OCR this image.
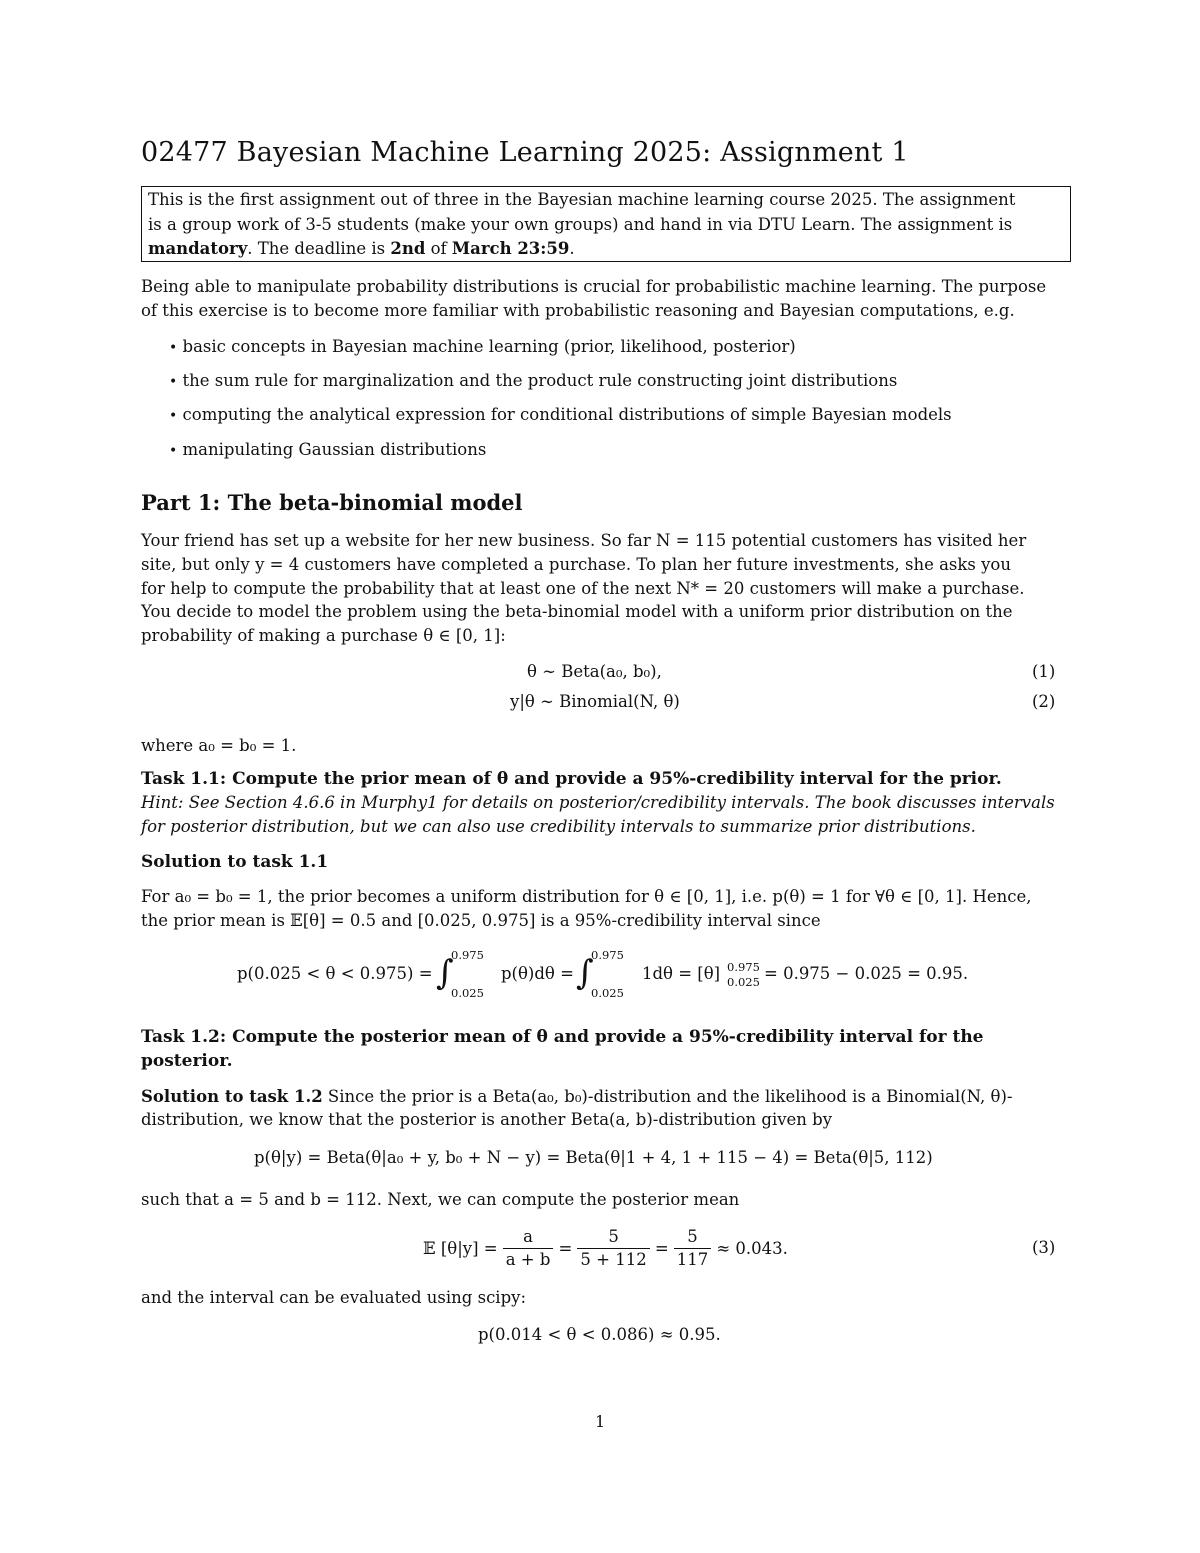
02477 Bayesian Machine Learning 2025: Assignment 1
This is the first assignment out of three in the Bayesian machine learning course 2025. The assignment
is a group work of 3-5 students (make your own groups) and hand in via DTU Learn. The assignment is
mandatory. The deadline is 2nd of March 23:59.
Being able to manipulate probability distributions is crucial for probabilistic machine learning. The purpose
of this exercise is to become more familiar with probabilistic reasoning and Bayesian computations, e.g.
• basic concepts in Bayesian machine learning (prior, likelihood, posterior)
• the sum rule for marginalization and the product rule constructing joint distributions
• computing the analytical expression for conditional distributions of simple Bayesian models
• manipulating Gaussian distributions
Part 1: The beta-binomial model
Your friend has set up a website for her new business. So far N = 115 potential customers has visited her
site, but only y = 4 customers have completed a purchase. To plan her future investments, she asks you
for help to compute the probability that at least one of the next N* = 20 customers will make a purchase.
You decide to model the problem using the beta-binomial model with a uniform prior distribution on the
probability of making a purchase θ ∈ [0, 1]:
θ ∼ Beta(a₀, b₀),	(1)
y|θ ∼ Binomial(N, θ)	(2)
where a₀ = b₀ = 1.
Task 1.1: Compute the prior mean of θ and provide a 95%-credibility interval for the prior.
Hint: See Section 4.6.6 in Murphy1 for details on posterior/credibility intervals. The book discusses intervals
for posterior distribution, but we can also use credibility intervals to summarize prior distributions.
Solution to task 1.1
For a₀ = b₀ = 1, the prior becomes a uniform distribution for θ ∈ [0, 1], i.e. p(θ) = 1 for ∀θ ∈ [0, 1]. Hence,
the prior mean is 𝔼[θ] = 0.5 and [0.025, 0.975] is a 95%-credibility interval since
p(0.025 < θ < 0.975) = ∫
0.975
0.025
p(θ)dθ = ∫
0.975
0.025
1dθ = [θ] 0.975
0.025 = 0.975 − 0.025 = 0.95.
Task 1.2: Compute the posterior mean of θ and provide a 95%-credibility interval for the
posterior.
Solution to task 1.2 Since the prior is a Beta(a₀, b₀)-distribution and the likelihood is a Binomial(N, θ)-
distribution, we know that the posterior is another Beta(a, b)-distribution given by
p(θ|y) = Beta(θ|a₀ + y, b₀ + N − y) = Beta(θ|1 + 4, 1 + 115 − 4) = Beta(θ|5, 112)
such that a = 5 and b = 112. Next, we can compute the posterior mean
𝔼 $[\theta|y] = \frac{a}{a + b} = \frac{5}{5 + 112} = \frac{5}{117} \approx 0.043$.	(3)
and the interval can be evaluated using scipy:
p(0.014 < θ < 0.086) ≈ 0.95.
1
